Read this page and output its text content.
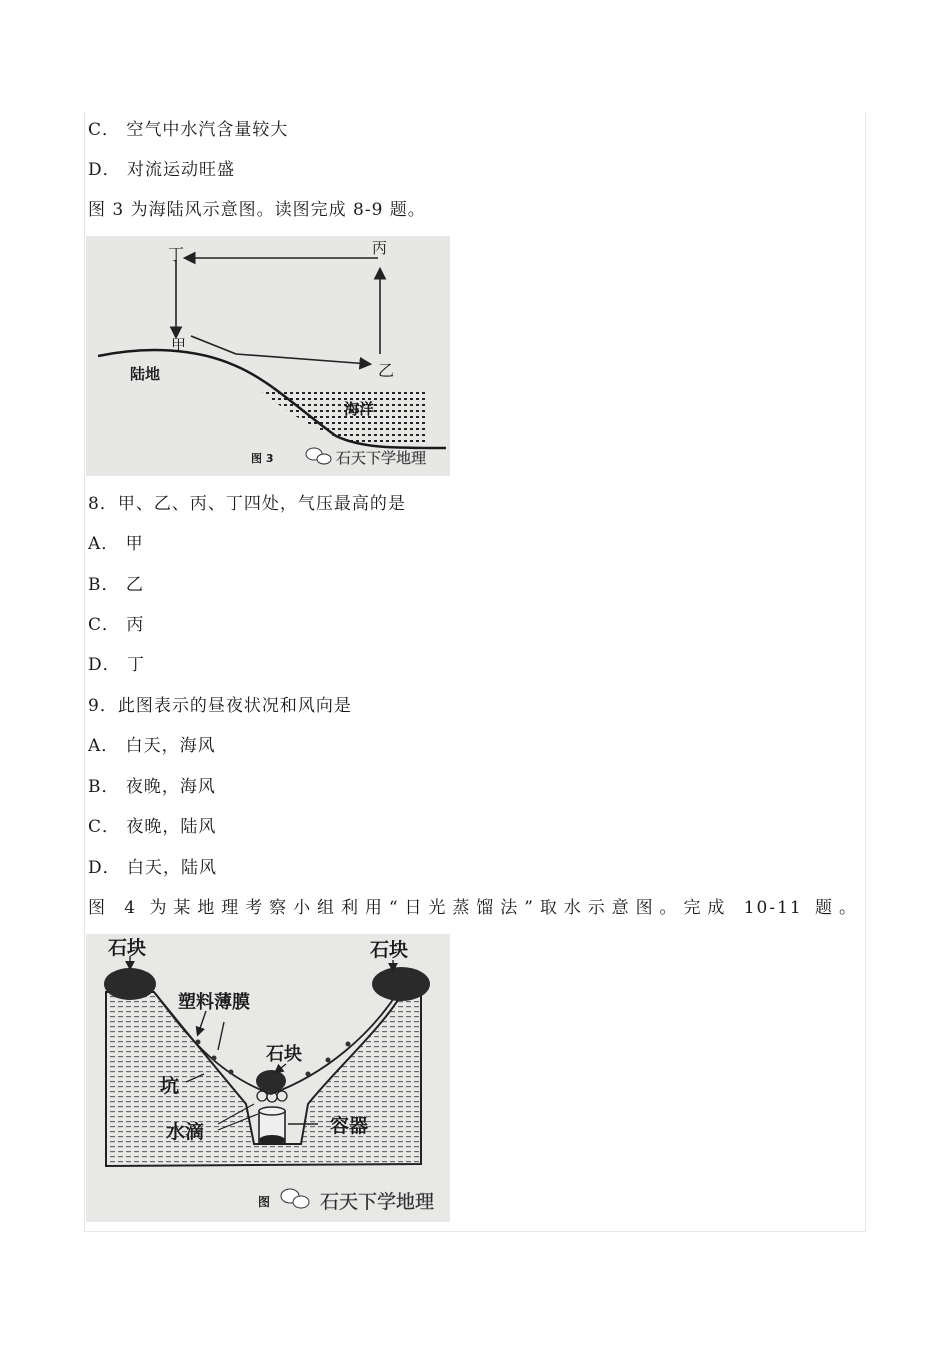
C． 空气中水汽含量较大
D． 对流运动旺盛
图 3 为海陆风示意图。读图完成 8-9 题。
丁	丙
甲
乙
陆地
海洋
图 3	石天下学地理
8．甲、乙、丙、丁四处，气压最高的是
A． 甲
B． 乙
C． 丙
D． 丁
9．此图表示的昼夜状况和风向是
A． 白天，海风
B． 夜晚，海风
C． 夜晚，陆风
D． 白天，陆风
图 4 为某地理考察小组利用“日光蒸馏法”取水示意图。完成 10-11 题。
石块	石块
石块
塑料薄膜
坑
水滴	容器
图	石天下学地理
